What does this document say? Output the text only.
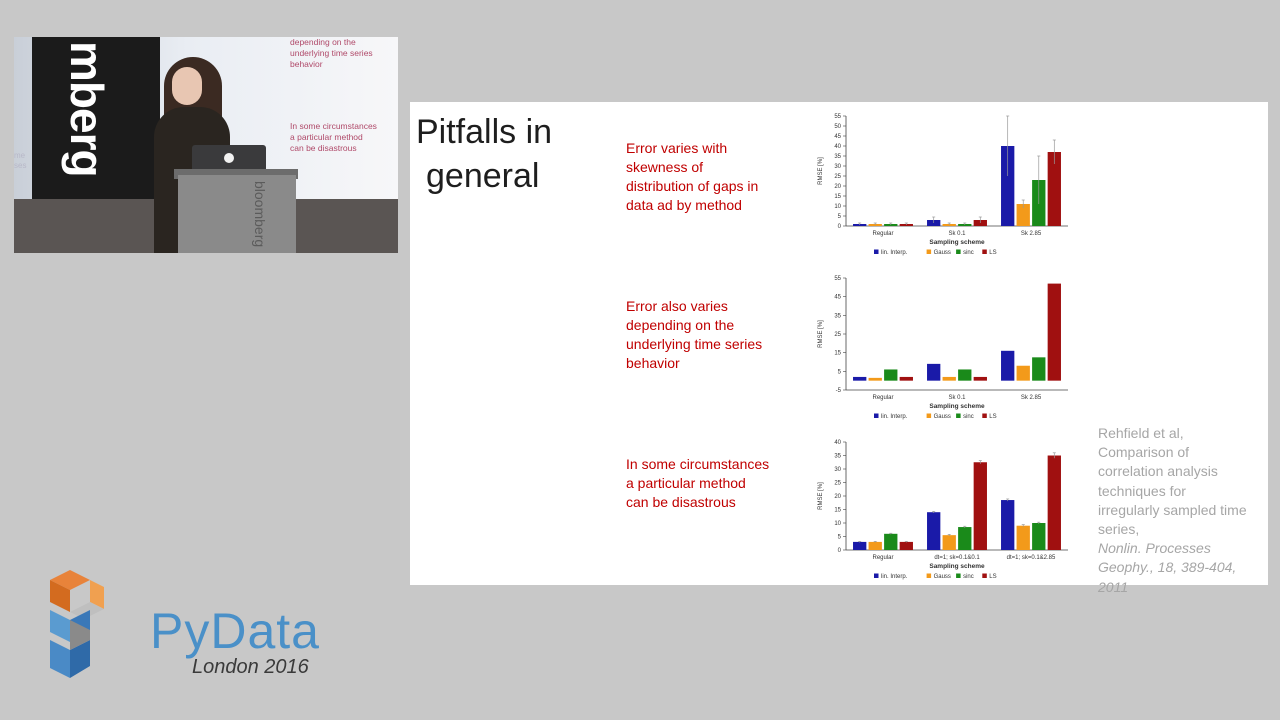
mberg	depending on the
underlying time series
behavior
In some circumstances
a particular method
can be disastrous
me
ses
bloomberg
Pitfalls in
general
Error varies with
skewness of
distribution of gaps in
data ad by method
Error also varies
depending on the
underlying time series
behavior
In some circumstances
a particular method
can be disastrous
0
5
10
15
20
25
30
35
40
45
50
55
RMSE [%]
Regular	Sk 0.1	Sk 2.85
Sampling scheme
lin. Interp.	Gauss sinc	LS
-5
5
15
25
35
45
55
RMSE [%]
Regular	Sk 0.1	Sk 2.85
Sampling scheme
lin. Interp.	Gauss sinc	LS
0
5
10
15
20
25
30
35
40
RMSE [%]
Regular	dt=1; sk=0.1&0.1	dt=1; sk=0.1&2.85
Sampling scheme
lin. Interp.	Gauss sinc	LS
Rehfield et al,
Comparison of
correlation analysis
techniques for
irregularly sampled time
series,
Nonlin. Processes
Geophy., 18, 389-404,
2011
PyData
London 2016
